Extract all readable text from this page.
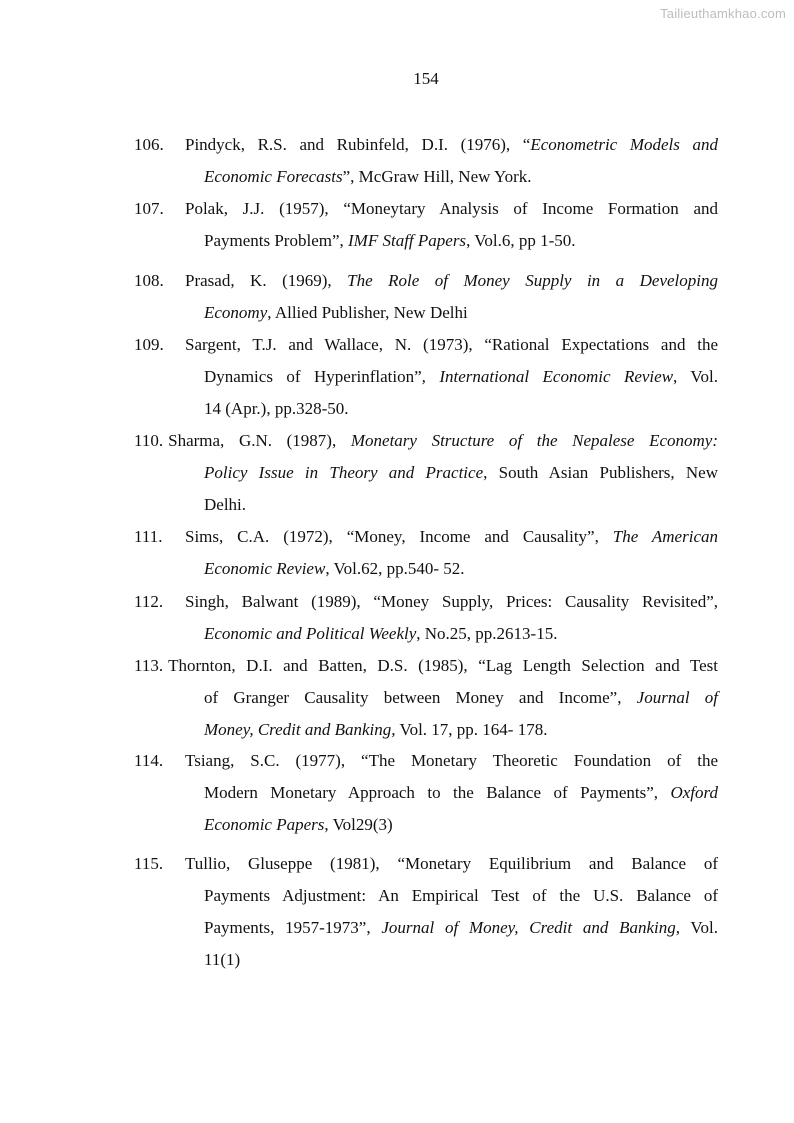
Tailieuthamkhao.com
154
106. Pindyck, R.S. and Rubinfeld, D.I. (1976), “Econometric Models and
Economic Forecasts”, McGraw Hill, New York.
107. Polak, J.J. (1957), “Moneytary Analysis of Income Formation and
Payments Problem”, IMF Staff Papers, Vol.6, pp 1-50.
108. Prasad, K. (1969), The Role of Money Supply in a Developing
Economy, Allied Publisher, New Delhi
109. Sargent, T.J. and Wallace, N. (1973), “Rational Expectations and the
Dynamics of Hyperinflation”, International Economic Review, Vol.
14 (Apr.), pp.328-50.
110. Sharma, G.N. (1987), Monetary Structure of the Nepalese Economy:
Policy Issue in Theory and Practice, South Asian Publishers, New
Delhi.
111. Sims, C.A. (1972), “Money, Income and Causality”, The American
Economic Review, Vol.62, pp.540- 52.
112. Singh, Balwant (1989), “Money Supply, Prices: Causality Revisited”,
Economic and Political Weekly, No.25, pp.2613-15.
113. Thornton, D.I. and Batten, D.S. (1985), “Lag Length Selection and Test
of Granger Causality between Money and Income”, Journal of
Money, Credit and Banking, Vol. 17, pp. 164- 178.
114. Tsiang, S.C. (1977), “The Monetary Theoretic Foundation of the
Modern Monetary Approach to the Balance of Payments”, Oxford
Economic Papers, Vol29(3)
115. Tullio, Gluseppe (1981), “Monetary Equilibrium and Balance of
Payments Adjustment: An Empirical Test of the U.S. Balance of
Payments, 1957-1973”, Journal of Money, Credit and Banking, Vol.
11(1)
